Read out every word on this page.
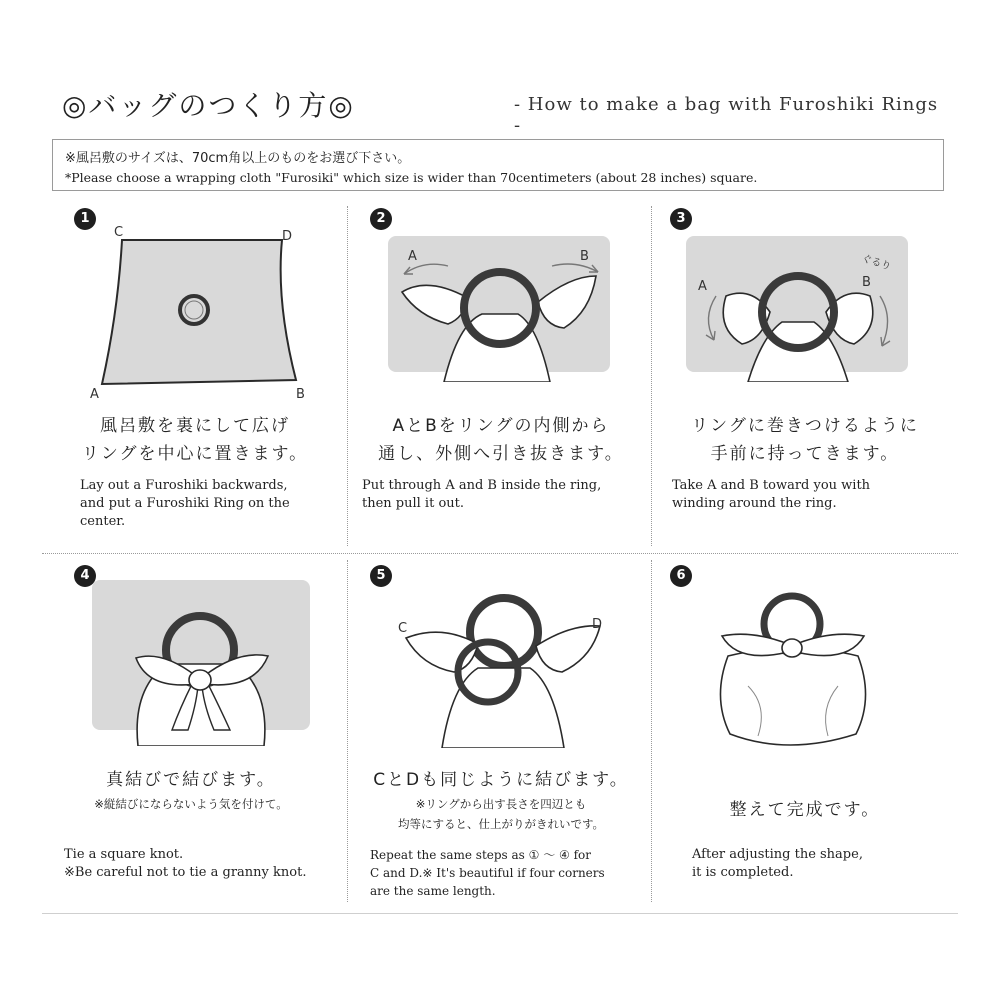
◎バッグのつくり方◎	- How to make a bag with Furoshiki Rings -
※風呂敷のサイズは、70cm角以上のものをお選び下さい。
*Please choose a wrapping cloth "Furosiki" which size is wider than 70centimeters (about 28 inches) square.
1
C	D
A	B
風呂敷を裏にして広げ
リングを中心に置きます。
Lay out a Furoshiki backwards,
and put a Furoshiki Ring on the
center.
2
A	B
AとBをリングの内側から
通し、外側へ引き抜きます。
Put through A and B inside the ring,
then pull it out.
3
A	B
ぐるり
リングに巻きつけるように
手前に持ってきます。
Take A and B toward you with
winding around the ring.
4
真結びで結びます。
※縦結びにならないよう気を付けて。
Tie a square knot.
※Be careful not to tie a granny knot.
5
C	D
CとDも同じように結びます。
※リングから出す長さを四辺とも
均等にすると、仕上がりがきれいです。
Repeat the same steps as ① ～ ④ for
C and D.※ It's beautiful if four corners
are the same length.
6
整えて完成です。
After adjusting the shape,
it is completed.
